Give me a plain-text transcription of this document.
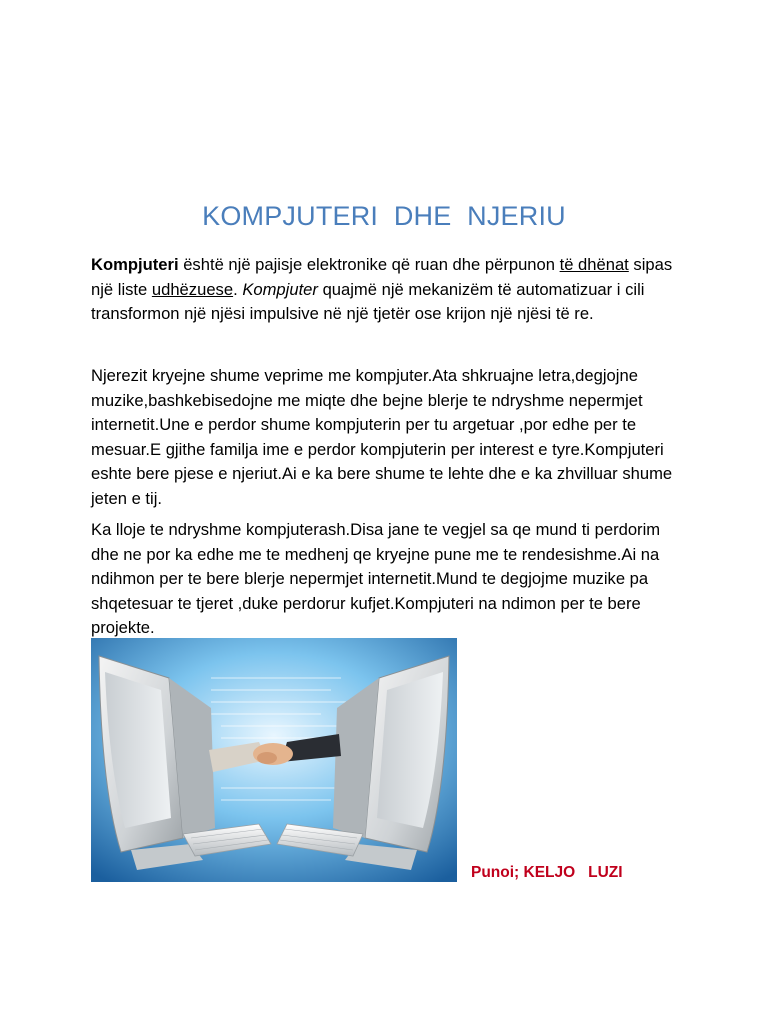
KOMPJUTERI DHE NJERIU

Kompjuteri është një pajisje elektronike që ruan dhe përpunon të dhënat sipas një liste udhëzuese. Kompjuter quajmë një mekanizëm të automatizuar i cili transformon një njësi impulsive në një tjetër ose krijon një njësi të re.

Njerezit kryejne shume veprime me kompjuter.Ata shkruajne letra,degjojne muzike,bashkebisedojne me miqte dhe bejne blerje te ndryshme nepermjet internetit.Une e perdor shume kompjuterin per tu argetuar ,por edhe per te mesuar.E gjithe familja ime e perdor kompjuterin per interest e tyre.Kompjuteri eshte bere pjese e njeriut.Ai e ka bere shume te lehte dhe e ka zhvilluar shume jeten e tij.

Ka lloje te ndryshme kompjuterash.Disa jane te vegjel sa qe mund ti perdorim dhe ne por ka edhe me te medhenj qe kryejne pune me te rendesishme.Ai na ndihmon per te bere blerje nepermjet internetit.Mund te degjojme muzike pa shqetesuar te tjeret ,duke perdorur kufjet.Kompjuteri na ndimon per te bere projekte.

Punoi; KELJO   LUZI
